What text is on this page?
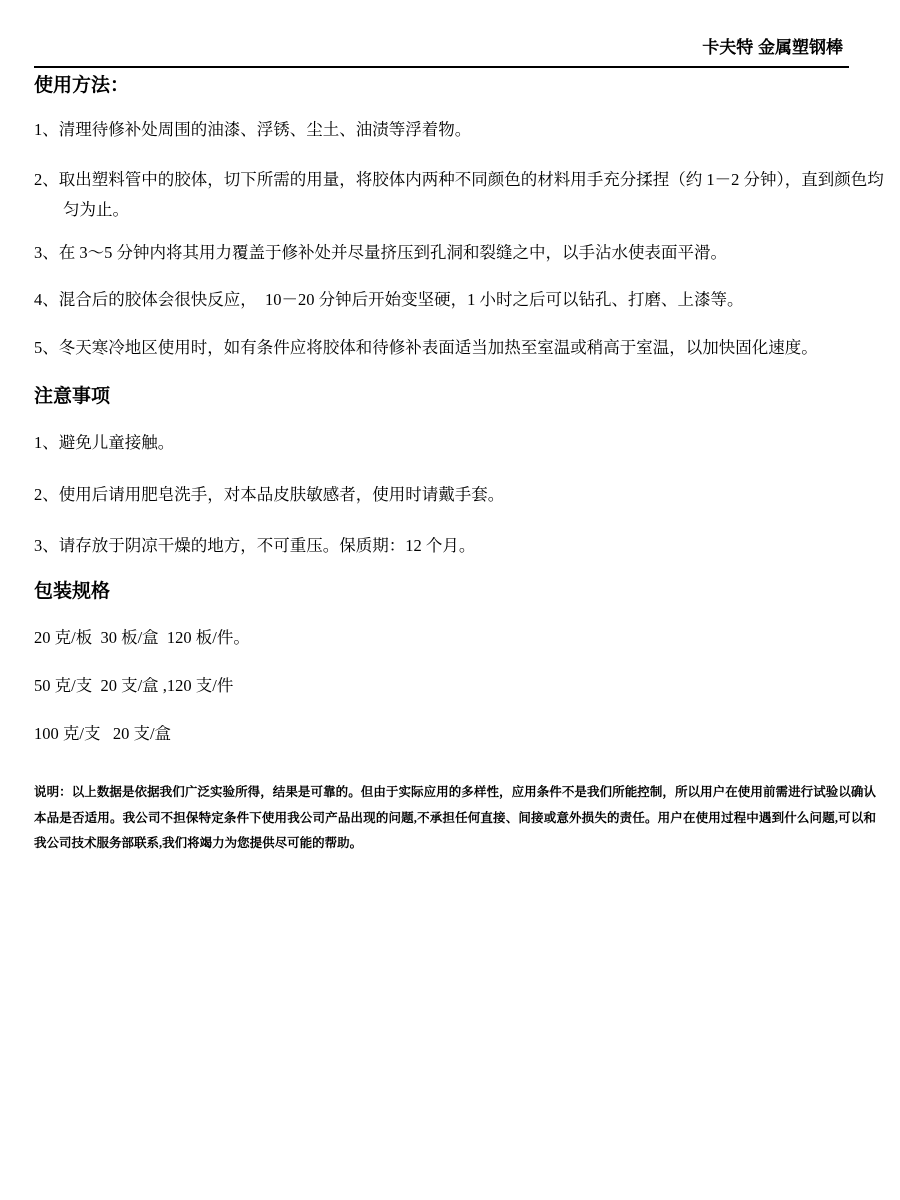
卡夫特 金属塑钢棒
使用方法：
1、清理待修补处周围的油漆、浮锈、尘土、油渍等浮着物。
2、取出塑料管中的胶体，切下所需的用量，将胶体内两种不同颜色的材料用手充分揉捏（约 1－2 分钟），直到颜色均匀为止。
3、在 3～5 分钟内将其用力覆盖于修补处并尽量挤压到孔洞和裂缝之中，以手沾水使表面平滑。
4、混合后的胶体会很快反应，  10－20 分钟后开始变坚硬，1 小时之后可以钻孔、打磨、上漆等。
5、冬天寒冷地区使用时，如有条件应将胶体和待修补表面适当加热至室温或稍高于室温，以加快固化速度。
注意事项
1、避免儿童接触。
2、使用后请用肥皂洗手，对本品皮肤敏感者，使用时请戴手套。
3、请存放于阴凉干燥的地方，不可重压。保质期：12 个月。
包装规格
20 克/板  30 板/盒  120 板/件。
50 克/支  20 支/盒 ,120 支/件
100 克/支   20 支/盒
说明：以上数据是依据我们广泛实验所得，结果是可靠的。但由于实际应用的多样性，应用条件不是我们所能控制，所以用户在使用前需进行试验以确认本品是否适用。我公司不担保特定条件下使用我公司产品出现的问题,不承担任何直接、间接或意外损失的责任。用户在使用过程中遇到什么问题,可以和我公司技术服务部联系,我们将竭力为您提供尽可能的帮助。
